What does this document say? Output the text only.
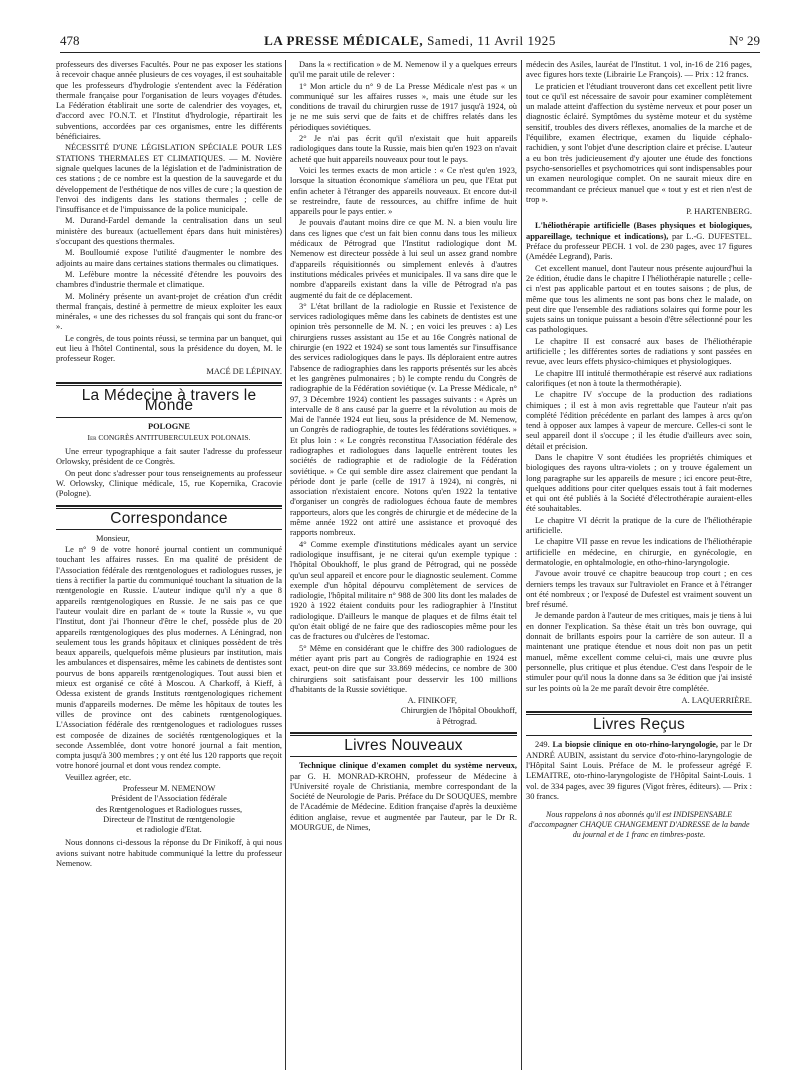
478	LA PRESSE MÉDICALE, Samedi, 11 Avril 1925	N° 29

professeurs des diverses Facultés. Pour ne pas exposer les stations à recevoir chaque année plusieurs de ces voyages, il est souhaitable que les professeurs d'hydrologie s'entendent avec la Fédération thermale française pour l'organisation de leurs voyages d'études. La Fédération établirait une sorte de calendrier des voyages, et, d'accord avec l'O.N.T. et l'Institut d'hydrologie, répartirait les subventions, accordées par ces organismes, entre les différents bénéficiaires.

NÉCESSITÉ D'UNE LÉGISLATION SPÉCIALE POUR LES STATIONS THERMALES ET CLIMATIQUES. — M. Novière signale quelques lacunes de la législation et de l'administration de ces stations ; de ce nombre est la question de la sauvegarde et du développement de l'esthétique de nos villes de cure ; la question de l'envoi des indigents dans les stations thermales ; celle de l'insuffisance et de l'impuissance de la police municipale.

M. Durand-Fardel demande la centralisation dans un seul ministère des bureaux (actuellement épars dans huit ministères) s'occupant des questions thermales.

M. Boulloumié expose l'utilité d'augmenter le nombre des adjoints au maire dans certaines stations thermales ou climatiques.

M. Lefèbure montre la nécessité d'étendre les pouvoirs des chambres d'industrie thermale et climatique.

M. Molinéry présente un avant-projet de création d'un crédit thermal français, destiné à permettre de mieux exploiter les eaux minérales, « une des richesses du sol français qui sont du franc-or ».

Le congrès, de tous points réussi, se termina par un banquet, qui eut lieu à l'hôtel Continental, sous la présidence du doyen, M. le professeur Roger.

MACÉ DE LÉPINAY.
La Médecine à travers le Monde
POLOGNE
Ier CONGRÈS ANTITUBERCULEUX POLONAIS.

Une erreur typographique a fait sauter l'adresse du professeur Orlowsky, président de ce Congrès.

On peut donc s'adresser pour tous renseignements au professeur W. Orlowsky, Clinique médicale, 15, rue Kopernika, Cracovie (Pologne).

Correspondance

Monsieur,

Le n° 9 de votre honoré journal contient un communiqué touchant les affaires russes. En ma qualité de président de l'Association fédérale des rœntgenologues et radiologues russes, je tiens à rectifier la partie du communiqué touchant la situation de la rœntgenologie en Russie. L'auteur indique qu'il n'y a que 8 appareils rœntgenologiques en Russie. Je ne sais pas ce que l'auteur voulait dire en parlant de « toute la Russie », vu que l'Institut, dont j'ai l'honneur d'être le chef, possède plus de 20 appareils rœntgenologiques des plus modernes. A Léningrad, non seulement tous les grands hôpitaux et cliniques possèdent de très beaux appareils, quelquefois même plusieurs par institution, mais les ambulances et dispensaires, même les cabinets de dentistes sont pourvus de bons appareils rœntgenologiques. Tout aussi bien et mieux est organisé ce côté à Moscou. A Charkoff, à Kieff, à Odessa existent de grands Instituts rœntgenologiques richement munis d'appareils modernes. De même les hôpitaux de toutes les villes de province ont des cabinets rœntgenologiques. L'Association fédérale des rœntgenologues et radiologues russes est composée de dizaines de sociétés rœntgenologiques et la seconde Assemblée, dont votre honoré journal a fait mention, compta jusqu'à 300 membres ; y ont été lus 120 rapports que reçoit votre honoré journal et dont vous rendez compte.

Veuillez agréer, etc.

Professeur M. NEMENOW
Président de l'Association fédérale
des Rœntgenologues et Radiologues russes,
Directeur de l'Institut de rœntgenologie
et radiologie d'Etat.

Nous donnons ci-dessous la réponse du Dr Finikoff, à qui nous avions suivant notre habitude communiqué la lettre du professeur Nemenow.

Dans la « rectification » de M. Nemenow il y a quelques erreurs qu'il me parait utile de relever :

1° Mon article du n° 9 de La Presse Médicale n'est pas « un communiqué sur les affaires russes », mais une étude sur les conditions de travail du chirurgien russe de 1917 jusqu'à 1924, où je ne me suis servi que de faits et de chiffres relatés dans les périodiques soviétiques.

2° Je n'ai pas écrit qu'il n'existait que huit appareils radiologiques dans toute la Russie, mais bien qu'en 1923 on n'avait acheté que huit appareils nouveaux pour tout le pays.

Voici les termes exacts de mon article : « Ce n'est qu'en 1923, lorsque la situation économique s'améliora un peu, que l'Etat put enfin acheter à l'étranger des appareils nouveaux. Et encore dut-il se restreindre, faute de ressources, au chiffre infime de huit appareils pour le pays entier. »

Je pouvais d'autant moins dire ce que M. N. a bien voulu lire dans ces lignes que c'est un fait bien connu dans tous les milieux médicaux de Pétrograd que l'Institut radiologique dont M. Nemenow est directeur possède à lui seul un assez grand nombre d'appareils réquisitionnés ou simplement enlevés à d'autres institutions médicales privées et municipales. Il va sans dire que le nombre d'appareils existant dans la ville de Pétrograd n'a pas augmenté du fait de ce déplacement.

3° L'état brillant de la radiologie en Russie et l'existence de services radiologiques même dans les cabinets de dentistes est une opinion très personnelle de M. N. ; en voici les preuves : a) Les chirurgiens russes assistant au 15e et au 16e Congrès national de chirurgie (en 1922 et 1924) se sont tous lamentés sur l'insuffisance des services radiologiques dans le pays. Ils déploraient entre autres l'absence de radiographies dans les rapports présentés sur les abcès et les gangrènes pulmonaires ; b) le compte rendu du Congrès de radiographie de la Fédération soviétique (v. La Presse Médicale, n° 97, 3 Décembre 1924) contient les passages suivants : « Après un intervalle de 8 ans causé par la guerre et la révolution au mois de Mai de l'année 1924 eut lieu, sous la présidence de M. Nemenow, un Congrès de radiographie, de toutes les fédérations soviétiques. » Et plus loin : « Le congrès reconstitua l'Association fédérale des radiographes et radiologues dans laquelle entrèrent toutes les sociétés de radiographie et de radiologie de la Fédération soviétique. » Ce qui semble dire assez clairement que pendant la période dont je parle (celle de 1917 à 1924), ni congrès, ni association n'existaient encore. Notons qu'en 1922 la tentative d'organiser un congrès de radiologues échoua faute de membres rapporteurs, alors que les congrès de chirurgie et de médecine de la même année 1922 ont attiré une assistance et provoqué des rapports nombreux.

4° Comme exemple d'institutions médicales ayant un service radiologique insuffisant, je ne citerai qu'un exemple typique : l'hôpital Oboukhoff, le plus grand de Pétrograd, qui ne possède qu'un seul appareil et encore pour le diagnostic seulement. Comme exemple d'un hôpital dépourvu complètement de services de radiologie, l'hôpital militaire n° 988 de 300 lits dont les malades de 1920 à 1922 étaient conduits pour les radiographier à l'Institut radiologique. D'ailleurs le manque de plaques et de films était tel qu'on était obligé de ne faire que des radioscopies même pour les cas de fractures ou d'ulcères de l'estomac.

5° Même en considérant que le chiffre des 300 radiologues de métier ayant pris part au Congrès de radiographie en 1924 est exact, peut-on dire que sur 33.869 médecins, ce nombre de 300 chirurgiens soit satisfaisant pour desservir les 100 millions d'habitants de la Russie soviétique.

A. FINIKOFF,
Chirurgien de l'hôpital Oboukhoff,
à Pétrograd.
Livres Nouveaux

Technique clinique d'examen complet du système nerveux, par G. H. MONRAD-KROHN, professeur de Médecine à l'Université royale de Christiania, membre correspondant de la Société de Neurologie de Paris. Préface du Dr SOUQUES, membre de l'Académie de Médecine. Edition française d'après la deuxième édition anglaise, revue et augmentée par l'auteur, par le Dr R. MOURGUE, de Nimes,

médecin des Asiles, lauréat de l'Institut. 1 vol, in-16 de 216 pages, avec figures hors texte (Librairie Le François). — Prix : 12 francs.

Le praticien et l'étudiant trouveront dans cet excellent petit livre tout ce qu'il est nécessaire de savoir pour examiner complètement un malade atteint d'affection du système nerveux et pour poser un diagnostic éclairé. Symptômes du système moteur et du système sensitif, troubles des divers réflexes, anomalies de la marche et de l'équilibre, examen électrique, examen du liquide céphalo-rachidien, y sont l'objet d'une description claire et précise. L'auteur a eu bon très judicieusement d'y ajouter une étude des fonctions psycho-sensorielles et psychomotrices qui sont indispensables pour un examen neurologique complet. On ne saurait mieux dire en recommandant ce précieux manuel que « tout y est et rien n'est de trop ».

P. HARTENBERG.

L'héliothérapie artificielle (Bases physiques et biologiques, appareillage, technique et indications), par L.-G. DUFESTEL. Préface du professeur PECH. 1 vol. de 230 pages, avec 17 figures (Amédée Legrand), Paris.

Cet excellent manuel, dont l'auteur nous présente aujourd'hui la 2e édition, étudie dans le chapitre I l'héliothérapie naturelle ; celle-ci n'est pas applicable partout et en toutes saisons ; de plus, de même que tous les aliments ne sont pas bons chez le malade, on peut dire que l'ensemble des radiations solaires qui forme pour les sujets sains un tonique puissant a besoin d'être sélectionné pour les cas pathologiques.

Le chapitre II est consacré aux bases de l'héliothérapie artificielle ; les différentes sortes de radiations y sont passées en revue, avec leurs effets physico-chimiques et physiologiques.

Le chapitre III intitulé thermothérapie est réservé aux radiations calorifiques (et non à toute la thermothérapie).

Le chapitre IV s'occupe de la production des radiations chimiques ; il est à mon avis regrettable que l'auteur n'ait pas complété l'édition précédente en parlant des lampes à arcs qu'on tend à opposer aux lampes à vapeur de mercure. Celles-ci sont le seul appareil dont il s'occupe ; il les étudie d'ailleurs avec soin, détail et précision.

Dans le chapitre V sont étudiées les propriétés chimiques et biologiques des rayons ultra-violets ; on y trouve également un long paragraphe sur les appareils de mesure ; ici encore peut-être, quelques additions pour citer quelques essais tout à fait modernes et qui ont été publiés à la Société d'électrothérapie auraient-elles été souhaitables.

Le chapitre VI décrit la pratique de la cure de l'héliothérapie artificielle.

Le chapitre VII passe en revue les indications de l'héliothérapie artificielle en médecine, en chirurgie, en gynécologie, en dermatologie, en ophtalmologie, en otho-rhino-laryngologie.

J'avoue avoir trouvé ce chapitre beaucoup trop court ; en ces derniers temps les travaux sur l'ultraviolet en France et à l'étranger ont été nombreux ; or l'exposé de Dufestel est vraiment souvent un bref résumé.

Je demande pardon à l'auteur de mes critiques, mais je tiens à lui en donner l'explication. Sa thèse était un très bon ouvrage, qui donnait de brillants espoirs pour la carrière de son auteur. Il a maintenant une pratique étendue et nous doit non pas un petit manuel, même excellent comme celui-ci, mais une œuvre plus personnelle, plus critique et plus étendue. C'est dans l'espoir de le stimuler pour qu'il nous la donne dans sa 3e édition que j'ai insisté sur les points où la 2e me paraît devoir être complétée.

A. LAQUERRIÈRE.
Livres Reçus

249. La biopsie clinique en oto-rhino-laryngologie, par le Dr ANDRÉ AUBIN, assistant du service d'oto-rhino-laryngologie de l'Hôpital Saint Louis. Préface de M. le professeur agrégé F. LEMAITRE, oto-rhino-laryngologiste de l'Hôpital Saint-Louis. 1 vol. de 334 pages, avec 39 figures (Vigot frères, éditeurs). — Prix : 30 francs.

Nous rappelons à nos abonnés qu'il est INDISPENSABLE d'accompagner CHAQUE CHANGEMENT D'ADRESSE de la bande du journal et de 1 franc en timbres-poste.
